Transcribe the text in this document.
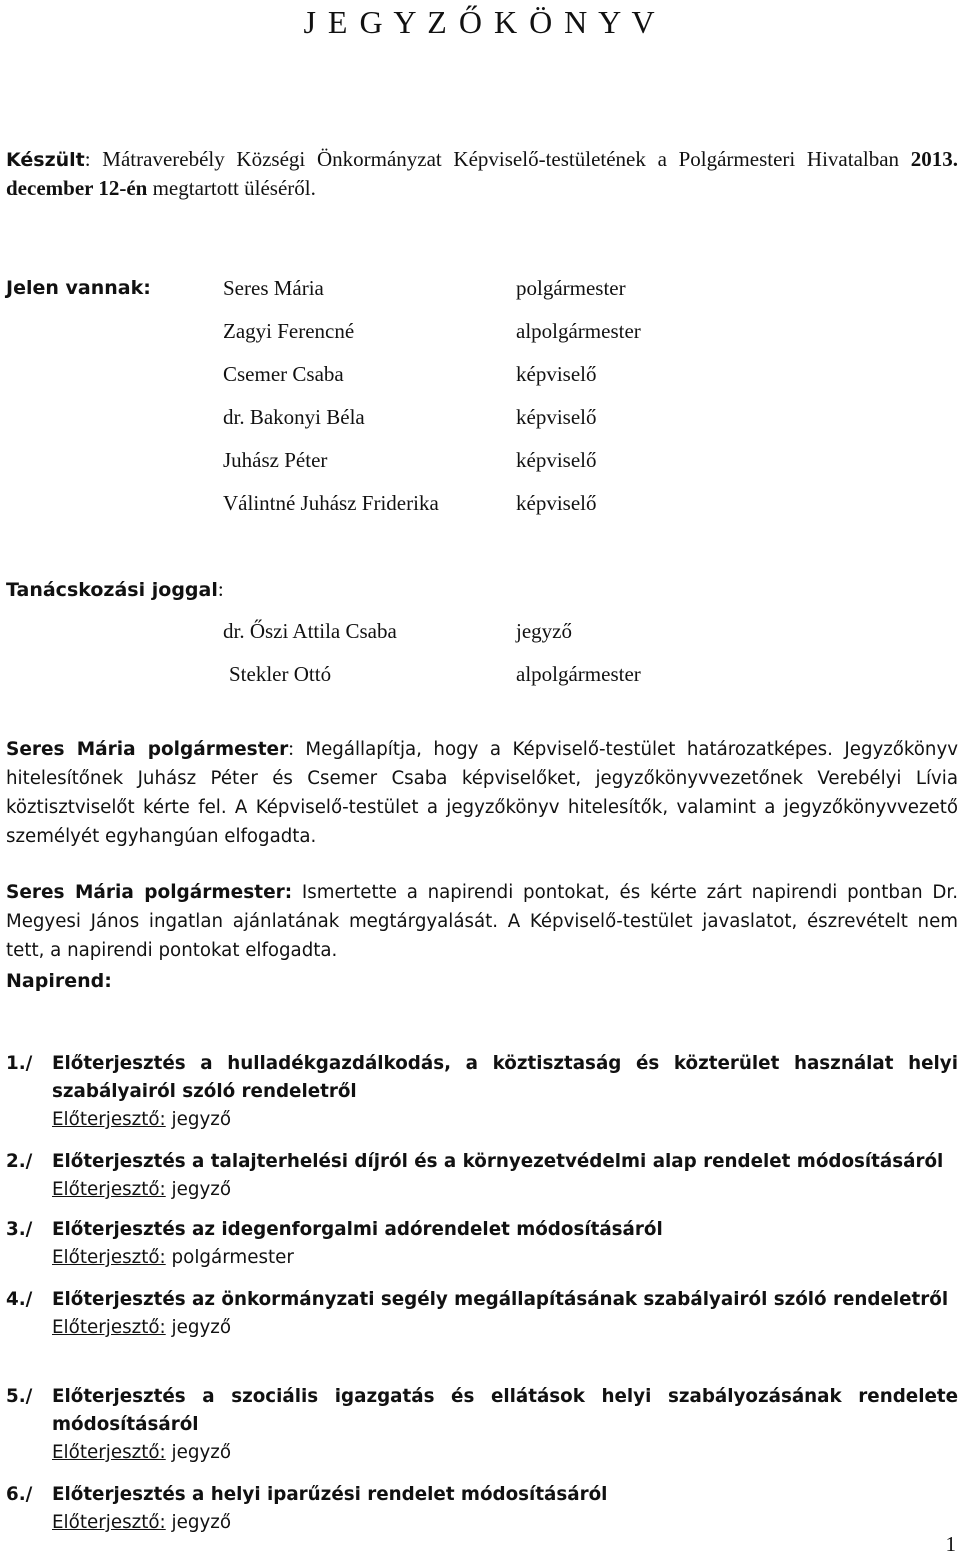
J E G Y Z Ő K Ö N Y V
Készült: Mátraverebély Községi Önkormányzat Képviselő-testületének a Polgármesteri Hivatalban 2013. december 12-én megtartott üléséről.
Jelen vannak:	Seres Mária	polgármester
Zagyi Ferencné	alpolgármester
Csemer Csaba	képviselő
dr. Bakonyi Béla	képviselő
Juhász Péter	képviselő
Válintné Juhász Friderika	képviselő
Tanácskozási joggal:
dr. Őszi Attila Csaba	jegyző
Stekler Ottó	alpolgármester
Seres Mária polgármester: Megállapítja, hogy a Képviselő-testület határozatképes. Jegyzőkönyv hitelesítőnek Juhász Péter és Csemer Csaba képviselőket, jegyzőkönyvvezetőnek Verebélyi Lívia köztisztviselőt kérte fel. A Képviselő-testület a jegyzőkönyv hitelesítők, valamint a jegyzőkönyvvezető személyét egyhangúan elfogadta.
Seres Mária polgármester: Ismertette a napirendi pontokat, és kérte zárt napirendi pontban Dr. Megyesi János ingatlan ajánlatának megtárgyalását. A Képviselő-testület javaslatot, észrevételt nem tett, a napirendi pontokat elfogadta.
Napirend:
1./ Előterjesztés a hulladékgazdálkodás, a köztisztaság és közterület használat helyi szabályairól szóló rendeletről
Előterjesztő: jegyző
2./ Előterjesztés a talajterhelési díjról és a környezetvédelmi alap rendelet módosításáról
Előterjesztő: jegyző
3./ Előterjesztés az idegenforgalmi adórendelet módosításáról
Előterjesztő: polgármester
4./ Előterjesztés az önkormányzati segély megállapításának szabályairól szóló rendeletről
Előterjesztő: jegyző
5./ Előterjesztés a szociális igazgatás és ellátások helyi szabályozásának rendelete módosításáról
Előterjesztő: jegyző
6./ Előterjesztés a helyi iparűzési rendelet módosításáról
Előterjesztő: jegyző
1
